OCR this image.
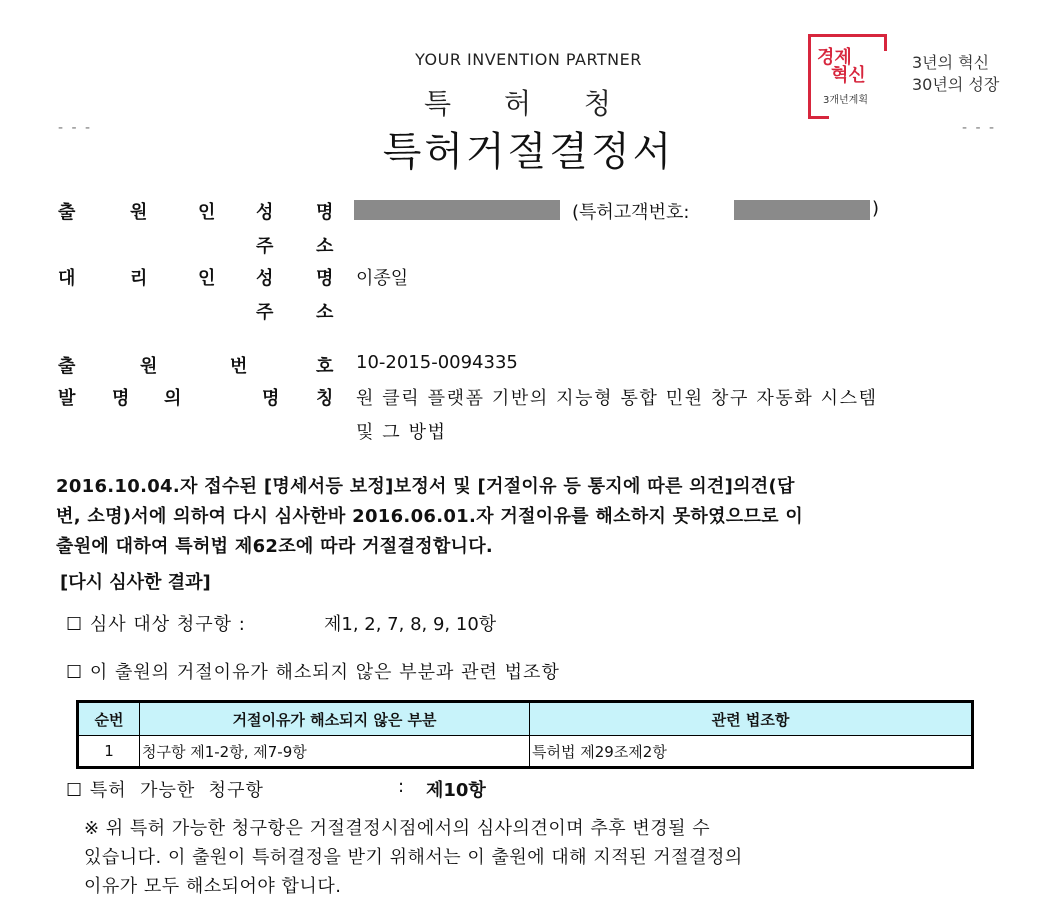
YOUR INVENTION PARTNER
특 허 청
특허거절결정서
- - -	- - -
경제
혁신
3개년계획
3년의 혁신
30년의 성장
출	원	인 성 명	(특허고객번호:	)
주 소
대	리	인 성 명 이종일
주 소
출	원	번	호 10-2015-0094335
발 명 의	명 칭 원 클릭 플랫폼 기반의 지능형 통합 민원 창구 자동화 시스템
및 그 방법
2016.10.04.자 접수된 [명세서등 보정]보정서 및 [거절이유 등 통지에 따른 의견]의견(답
변, 소명)서에 의하여 다시 심사한바 2016.06.01.자 거절이유를 해소하지 못하였으므로 이
출원에 대하여 특허법 제62조에 따라 거절결정합니다.
[다시 심사한 결과]
☐ 심사 대상 청구항 :	제1, 2, 7, 8, 9, 10항
☐ 이 출원의 거절이유가 해소되지 않은 부분과 관련 법조항
순번	거절이유가 해소되지 않은 부분	관련 법조항
1	청구항 제1-2항, 제7-9항	특허법 제29조제2항
☐ 특허  가능한  청구항	: 제10항
※ 위 특허 가능한 청구항은 거절결정시점에서의 심사의견이며 추후 변경될 수
있습니다. 이 출원이 특허결정을 받기 위해서는 이 출원에 대해 지적된 거절결정의
이유가 모두 해소되어야 합니다.
